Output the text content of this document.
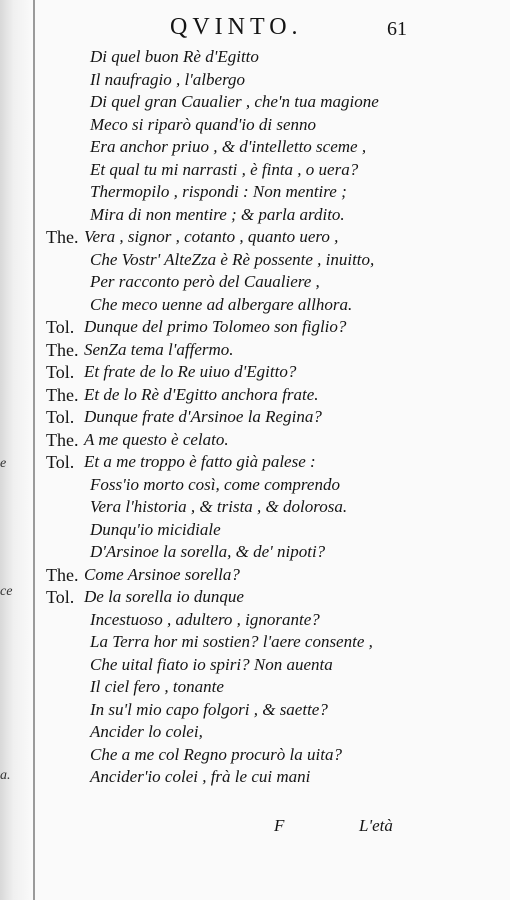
e
ce
a.
QVINTO.	61
Di quel buon Rè d'Egitto
Il naufragio , l'albergo
Di quel gran Caualier , che'n tua magione
Meco si riparò quand'io di senno
Era anchor priuo , & d'intelletto sceme ,
Et qual tu mi narrasti , è finta , o uera?
Thermopilo , rispondi : Non mentire ;
Mira di non mentire ; & parla ardito.
The. Vera , signor , cotanto , quanto uero ,
Che Vostr' AlteZza è Rè possente , inuitto,
Per racconto però del Caualiere ,
Che meco uenne ad albergare allhora.
Tol. Dunque del primo Tolomeo son figlio?
The. SenZa tema l'affermo.
Tol. Et frate de lo Re uiuo d'Egitto?
The. Et de lo Rè d'Egitto anchora frate.
Tol. Dunque frate d'Arsinoe la Regina?
The. A me questo è celato.
Tol. Et a me troppo è fatto già palese :
Foss'io morto così, come comprendo
Vera l'historia , & trista , & dolorosa.
Dunqu'io micidiale
D'Arsinoe la sorella, & de' nipoti?
The. Come Arsinoe sorella?
Tol. De la sorella io dunque
Incestuoso , adultero , ignorante?
La Terra hor mi sostien? l'aere consente ,
Che uital fiato io spiri? Non auenta
Il ciel fero , tonante
In su'l mio capo folgori , & saette?
Ancider lo colei,
Che a me col Regno procurò la uita?
Ancider'io colei , frà le cui mani
F	L'età
